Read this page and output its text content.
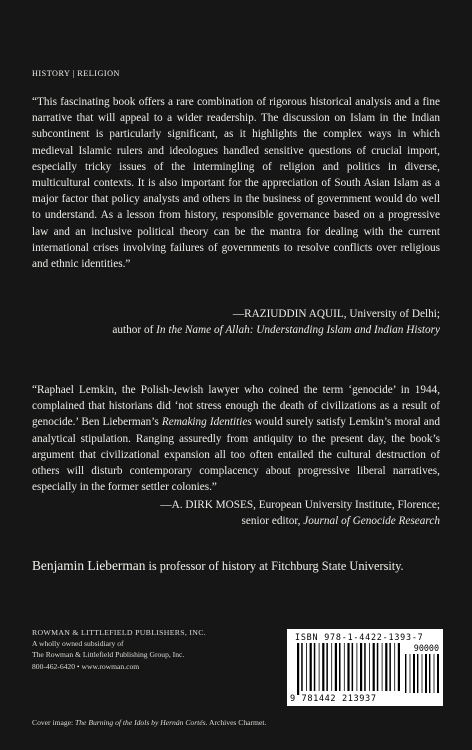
HISTORY | RELIGION

“This fascinating book offers a rare combination of rigorous historical analysis and a fine narrative that will appeal to a wider readership. The discussion on Islam in the Indian subcontinent is particularly significant, as it highlights the complex ways in which medieval Islamic rulers and ideologues handled sensitive questions of crucial import, especially tricky issues of the intermingling of religion and politics in diverse, multicultural contexts. It is also important for the appreciation of South Asian Islam as a major factor that policy analysts and others in the business of government would do well to understand. As a lesson from history, responsible governance based on a progressive law and an inclusive political theory can be the mantra for dealing with the current international crises involving failures of governments to resolve conflicts over religious and ethnic identities.”

—RAZIUDDIN AQUIL, University of Delhi;
author of In the Name of Allah: Understanding Islam and Indian History

“Raphael Lemkin, the Polish-Jewish lawyer who coined the term ‘genocide’ in 1944, complained that historians did ‘not stress enough the death of civilizations as a result of genocide.’ Ben Lieberman’s Remaking Identities would surely satisfy Lemkin’s moral and analytical stipulation. Ranging assuredly from antiquity to the present day, the book’s argument that civilizational expansion all too often entailed the cultural destruction of others will disturb contemporary complacency about progressive liberal narratives, especially in the former settler colonies.”

—A. DIRK MOSES, European University Institute, Florence;
senior editor, Journal of Genocide Research
Benjamin Lieberman is professor of history at Fitchburg State University.
ROWMAN & LITTLEFIELD PUBLISHERS, INC.
A wholly owned subsidiary of
The Rowman & Littlefield Publishing Group, Inc.
800-462-6420 • www.rowman.com
ISBN 978-1-4422-1393-7
90000
9 781442 213937
Cover image: The Burning of the Idols by Hernán Cortés. Archives Charmet.
